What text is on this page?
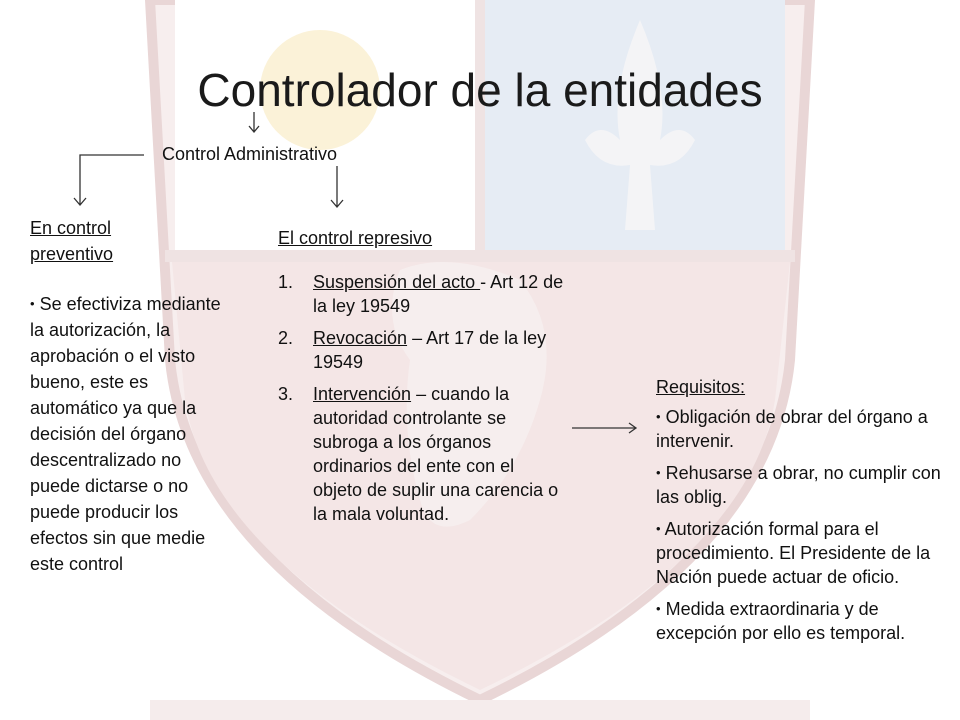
Controlador de la entidades
Control Administrativo
En control preventivo
• Se efectiviza mediante la autorización, la aprobación o el visto bueno, este es automático ya que la decisión del órgano descentralizado no puede dictarse o no puede producir los efectos sin que medie este control
El control represivo
1. Suspensión del acto - Art 12 de la ley 19549
2. Revocación – Art 17 de la ley 19549
3. Intervención – cuando la autoridad controlante se subroga a los órganos ordinarios del ente con el objeto de suplir una carencia o la mala voluntad.
Requisitos:
• Obligación de obrar del órgano a intervenir.
• Rehusarse a obrar, no cumplir con las oblig.
• Autorización formal para el procedimiento. El Presidente de la Nación puede actuar de oficio.
• Medida extraordinaria y de excepción por ello es temporal.
